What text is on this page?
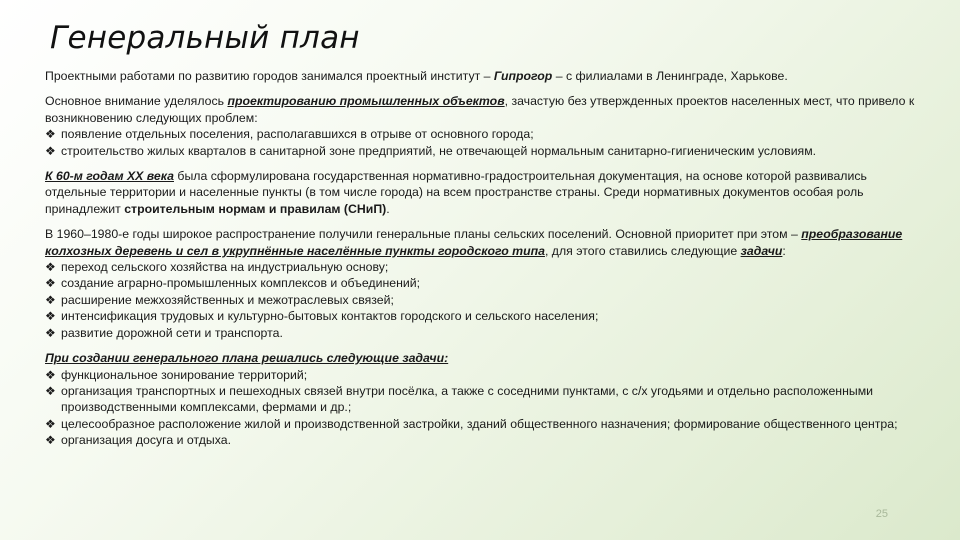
Генеральный план
Проектными работами по развитию городов занимался проектный институт – Гипрогор – с филиалами в Ленинграде, Харькове.
Основное внимание уделялось проектированию промышленных объектов, зачастую без утвержденных проектов населенных мест, что привело к возникновению следующих проблем:
❖ появление отдельных поселения, располагавшихся в отрыве от основного города;
❖ строительство жилых кварталов в санитарной зоне предприятий, не отвечающей нормальным санитарно-гигиеническим условиям.
К 60-м годам XX века была сформулирована государственная нормативно-градостроительная документация, на основе которой развивались отдельные территории и населенные пункты (в том числе города) на всем пространстве страны. Среди нормативных документов особая роль принадлежит строительным нормам и правилам (СНиП).
В 1960–1980-е годы широкое распространение получили генеральные планы сельских поселений. Основной приоритет при этом – преобразование колхозных деревень и сел в укрупнённые населённые пункты городского типа, для этого ставились следующие задачи:
❖ переход сельского хозяйства на индустриальную основу;
❖ создание аграрно-промышленных комплексов и объединений;
❖ расширение межхозяйственных и межотраслевых связей;
❖ интенсификация трудовых и культурно-бытовых контактов городского и сельского населения;
❖ развитие дорожной сети и транспорта.
При создании генерального плана решались следующие задачи:
❖ функциональное зонирование территорий;
❖ организация транспортных и пешеходных связей внутри посёлка, а также с соседними пунктами, с с/х угодьями и отдельно расположенными производственными комплексами, фермами и др.;
❖ целесообразное расположение жилой и производственной застройки, зданий общественного назначения; формирование общественного центра;
❖ организация досуга и отдыха.
25
